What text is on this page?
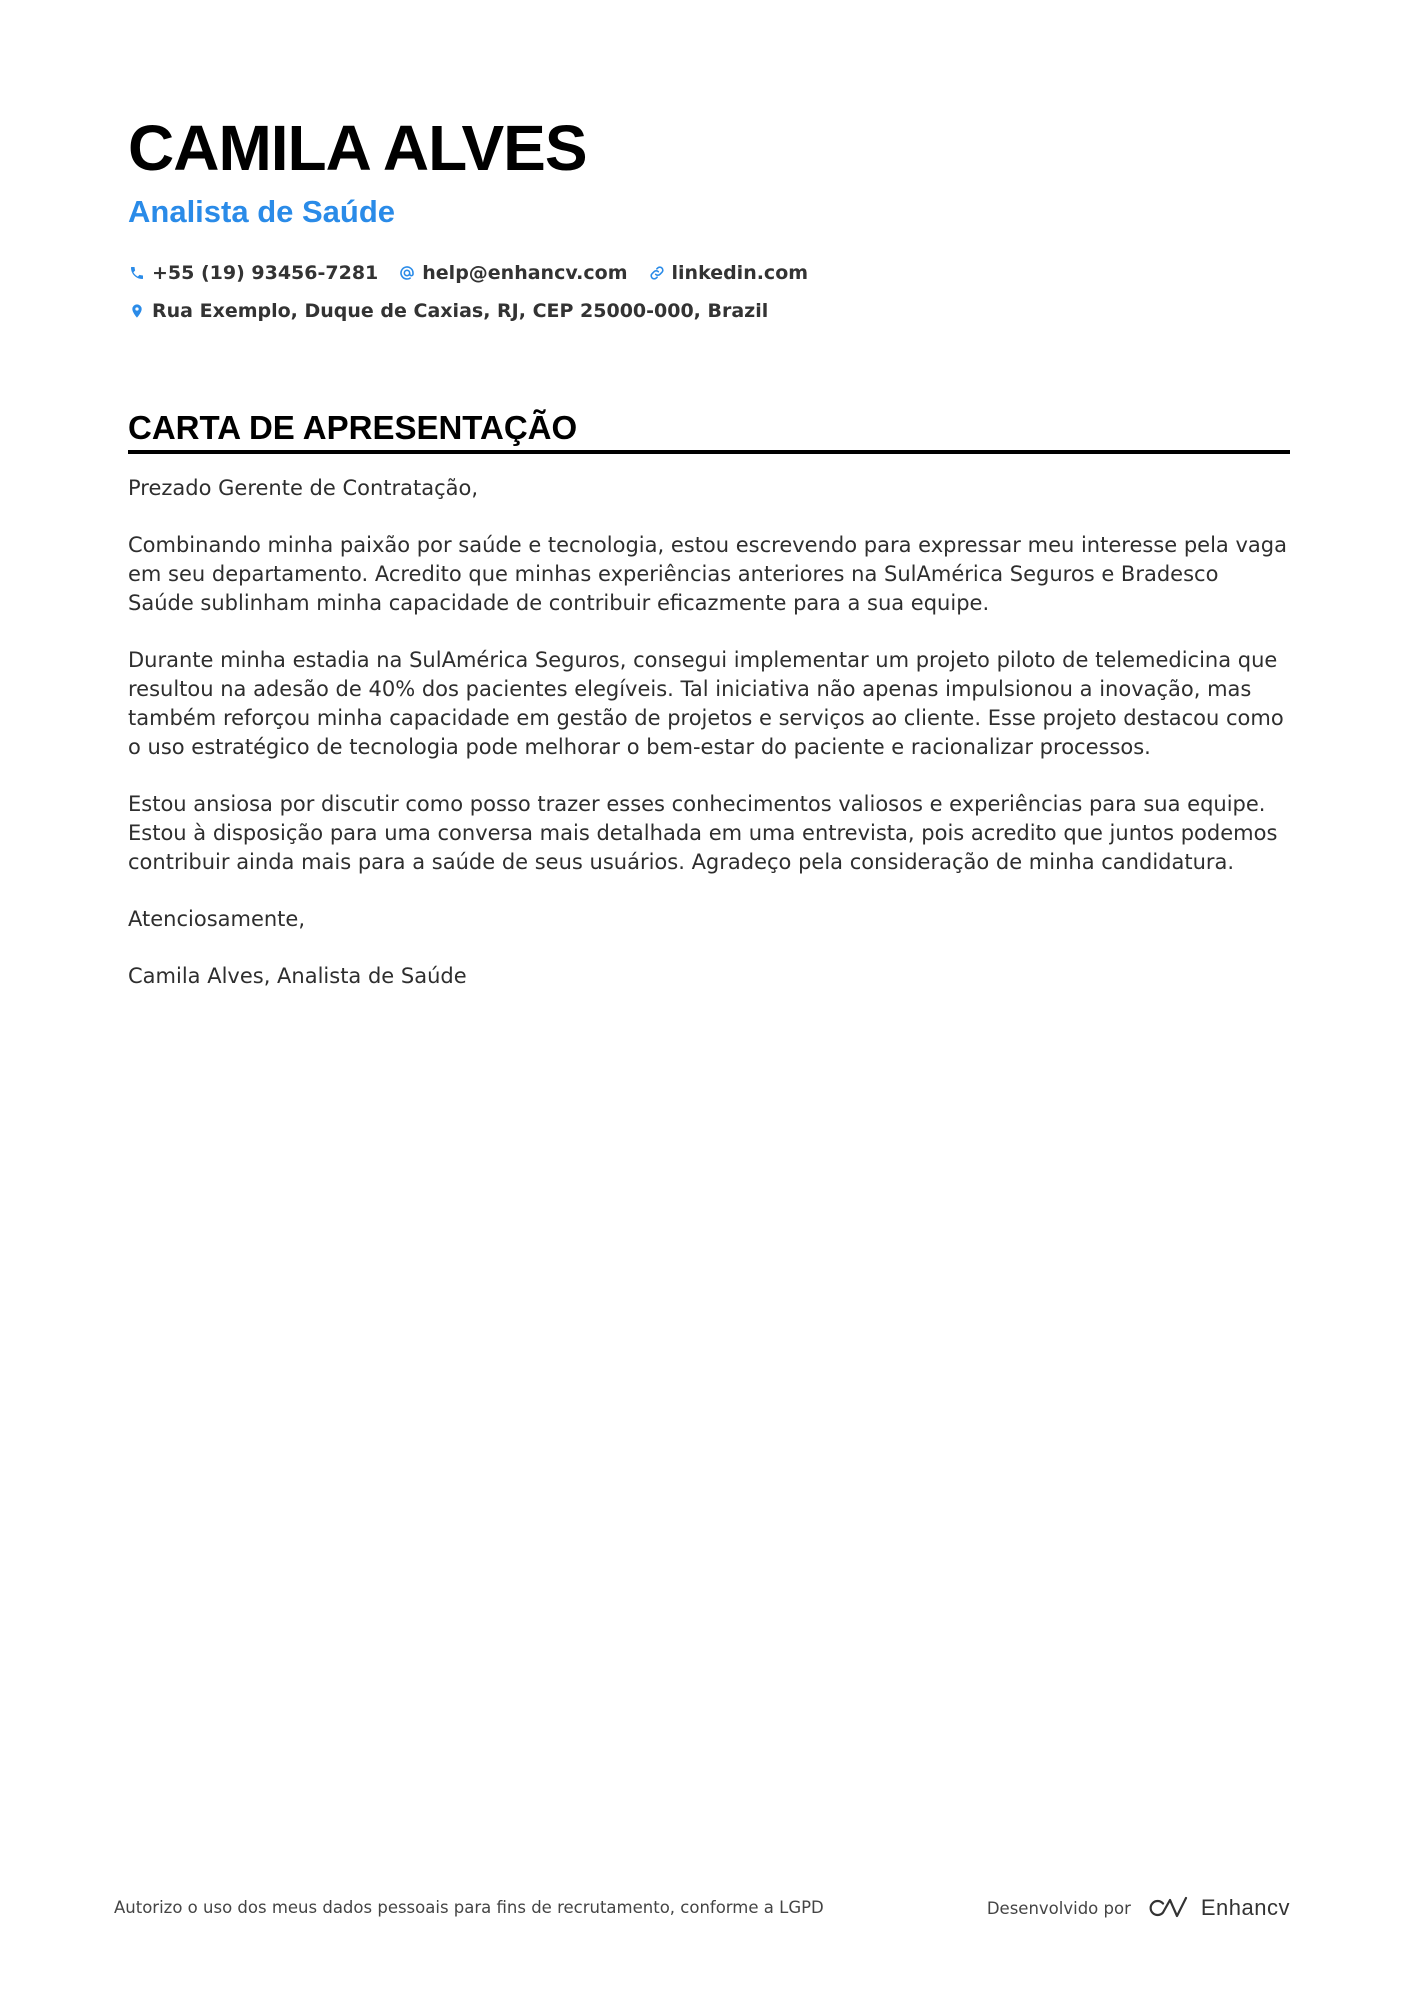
CAMILA ALVES
Analista de Saúde
+55 (19) 93456-7281 help@enhancv.com linkedin.com
Rua Exemplo, Duque de Caxias, RJ, CEP 25000-000, Brazil
CARTA DE APRESENTAÇÃO

Prezado Gerente de Contratação,

Combinando minha paixão por saúde e tecnologia, estou escrevendo para expressar meu interesse pela vaga em seu departamento. Acredito que minhas experiências anteriores na SulAmérica Seguros e Bradesco Saúde sublinham minha capacidade de contribuir eficazmente para a sua equipe.

Durante minha estadia na SulAmérica Seguros, consegui implementar um projeto piloto de telemedicina que resultou na adesão de 40% dos pacientes elegíveis. Tal iniciativa não apenas impulsionou a inovação, mas também reforçou minha capacidade em gestão de projetos e serviços ao cliente. Esse projeto destacou como o uso estratégico de tecnologia pode melhorar o bem-estar do paciente e racionalizar processos.

Estou ansiosa por discutir como posso trazer esses conhecimentos valiosos e experiências para sua equipe. Estou à disposição para uma conversa mais detalhada em uma entrevista, pois acredito que juntos podemos contribuir ainda mais para a saúde de seus usuários. Agradeço pela consideração de minha candidatura.

Atenciosamente,

Camila Alves, Analista de Saúde

Autorizo o uso dos meus dados pessoais para fins de recrutamento, conforme a LGPD	Desenvolvido por	Enhancv
